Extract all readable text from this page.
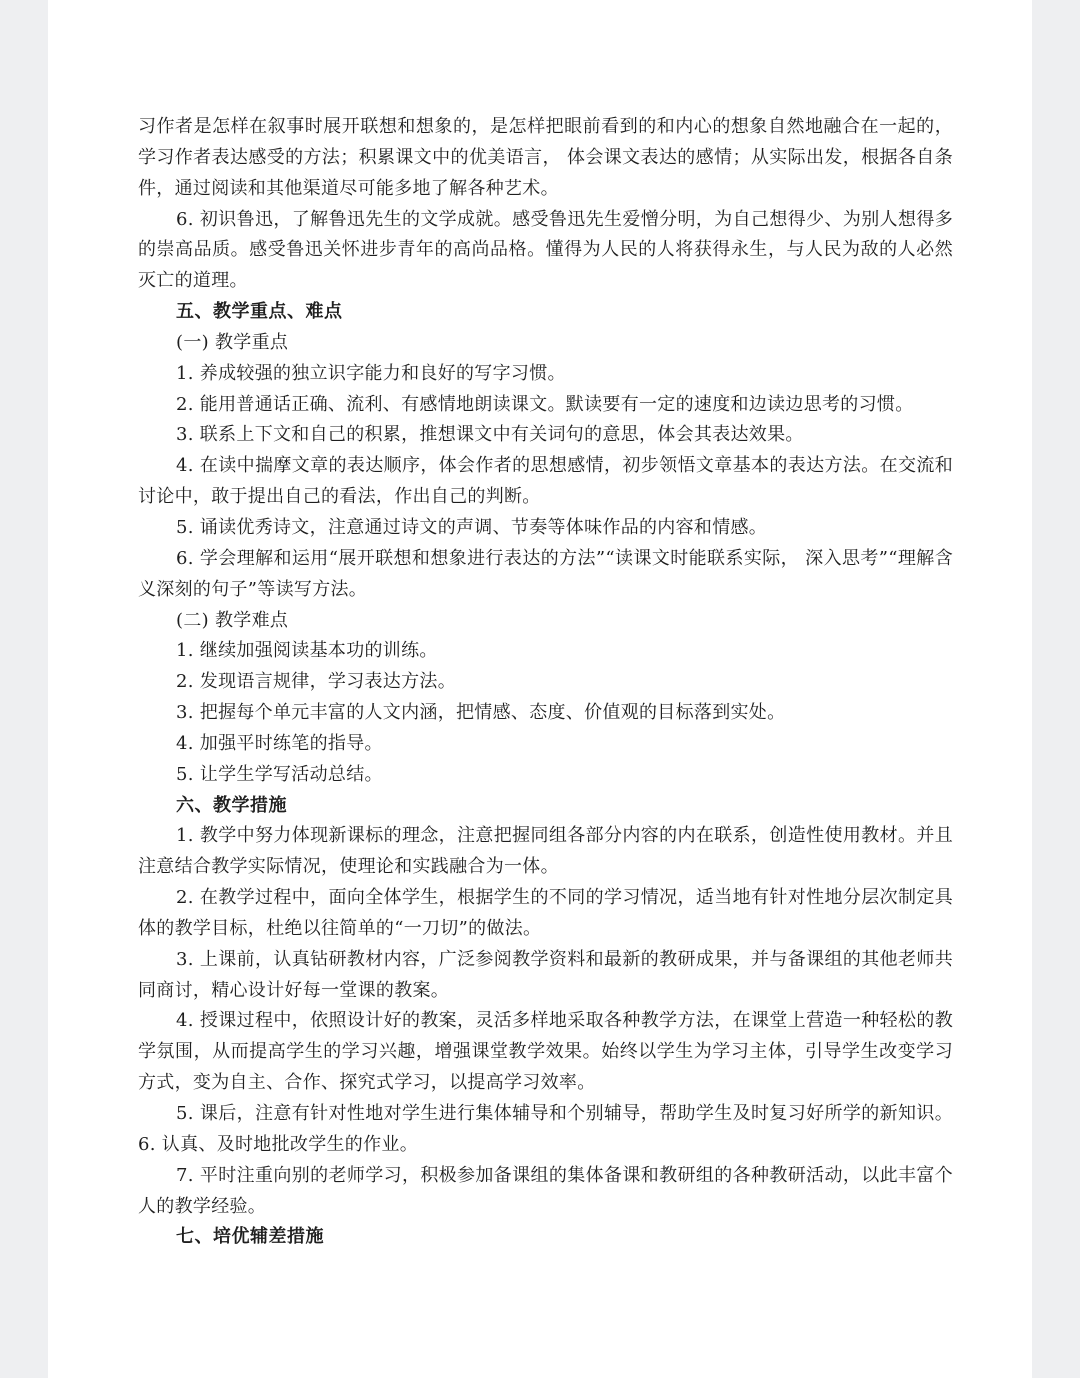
习作者是怎样在叙事时展开联想和想象的，是怎样把眼前看到的和内心的想象自然地融合在一起的，学习作者表达感受的方法；积累课文中的优美语言， 体会课文表达的感情；从实际出发，根据各自条件，通过阅读和其他渠道尽可能多地了解各种艺术。

6. 初识鲁迅，了解鲁迅先生的文学成就。感受鲁迅先生爱憎分明，为自己想得少、为别人想得多的崇高品质。感受鲁迅关怀进步青年的高尚品格。懂得为人民的人将获得永生，与人民为敌的人必然灭亡的道理。

五、教学重点、难点

(一) 教学重点

1. 养成较强的独立识字能力和良好的写字习惯。

2. 能用普通话正确、流利、有感情地朗读课文。默读要有一定的速度和边读边思考的习惯。

3. 联系上下文和自己的积累，推想课文中有关词句的意思，体会其表达效果。

4. 在读中揣摩文章的表达顺序，体会作者的思想感情，初步领悟文章基本的表达方法。在交流和讨论中，敢于提出自己的看法，作出自己的判断。

5. 诵读优秀诗文，注意通过诗文的声调、节奏等体味作品的内容和情感。

6. 学会理解和运用“展开联想和想象进行表达的方法”“读课文时能联系实际， 深入思考”“理解含义深刻的句子”等读写方法。

(二) 教学难点

1. 继续加强阅读基本功的训练。

2. 发现语言规律，学习表达方法。

3. 把握每个单元丰富的人文内涵，把情感、态度、价值观的目标落到实处。

4. 加强平时练笔的指导。

5. 让学生学写活动总结。

六、教学措施

1. 教学中努力体现新课标的理念，注意把握同组各部分内容的内在联系，创造性使用教材。并且注意结合教学实际情况，使理论和实践融合为一体。

2. 在教学过程中，面向全体学生，根据学生的不同的学习情况，适当地有针对性地分层次制定具体的教学目标，杜绝以往简单的“一刀切”的做法。

3. 上课前，认真钻研教材内容，广泛参阅教学资料和最新的教研成果，并与备课组的其他老师共同商讨，精心设计好每一堂课的教案。

4. 授课过程中，依照设计好的教案，灵活多样地采取各种教学方法，在课堂上营造一种轻松的教学氛围，从而提高学生的学习兴趣，增强课堂教学效果。始终以学生为学习主体，引导学生改变学习方式，变为自主、合作、探究式学习，以提高学习效率。

5. 课后，注意有针对性地对学生进行集体辅导和个别辅导，帮助学生及时复习好所学的新知识。 6. 认真、及时地批改学生的作业。

7. 平时注重向别的老师学习，积极参加备课组的集体备课和教研组的各种教研活动，以此丰富个人的教学经验。

七、培优辅差措施
